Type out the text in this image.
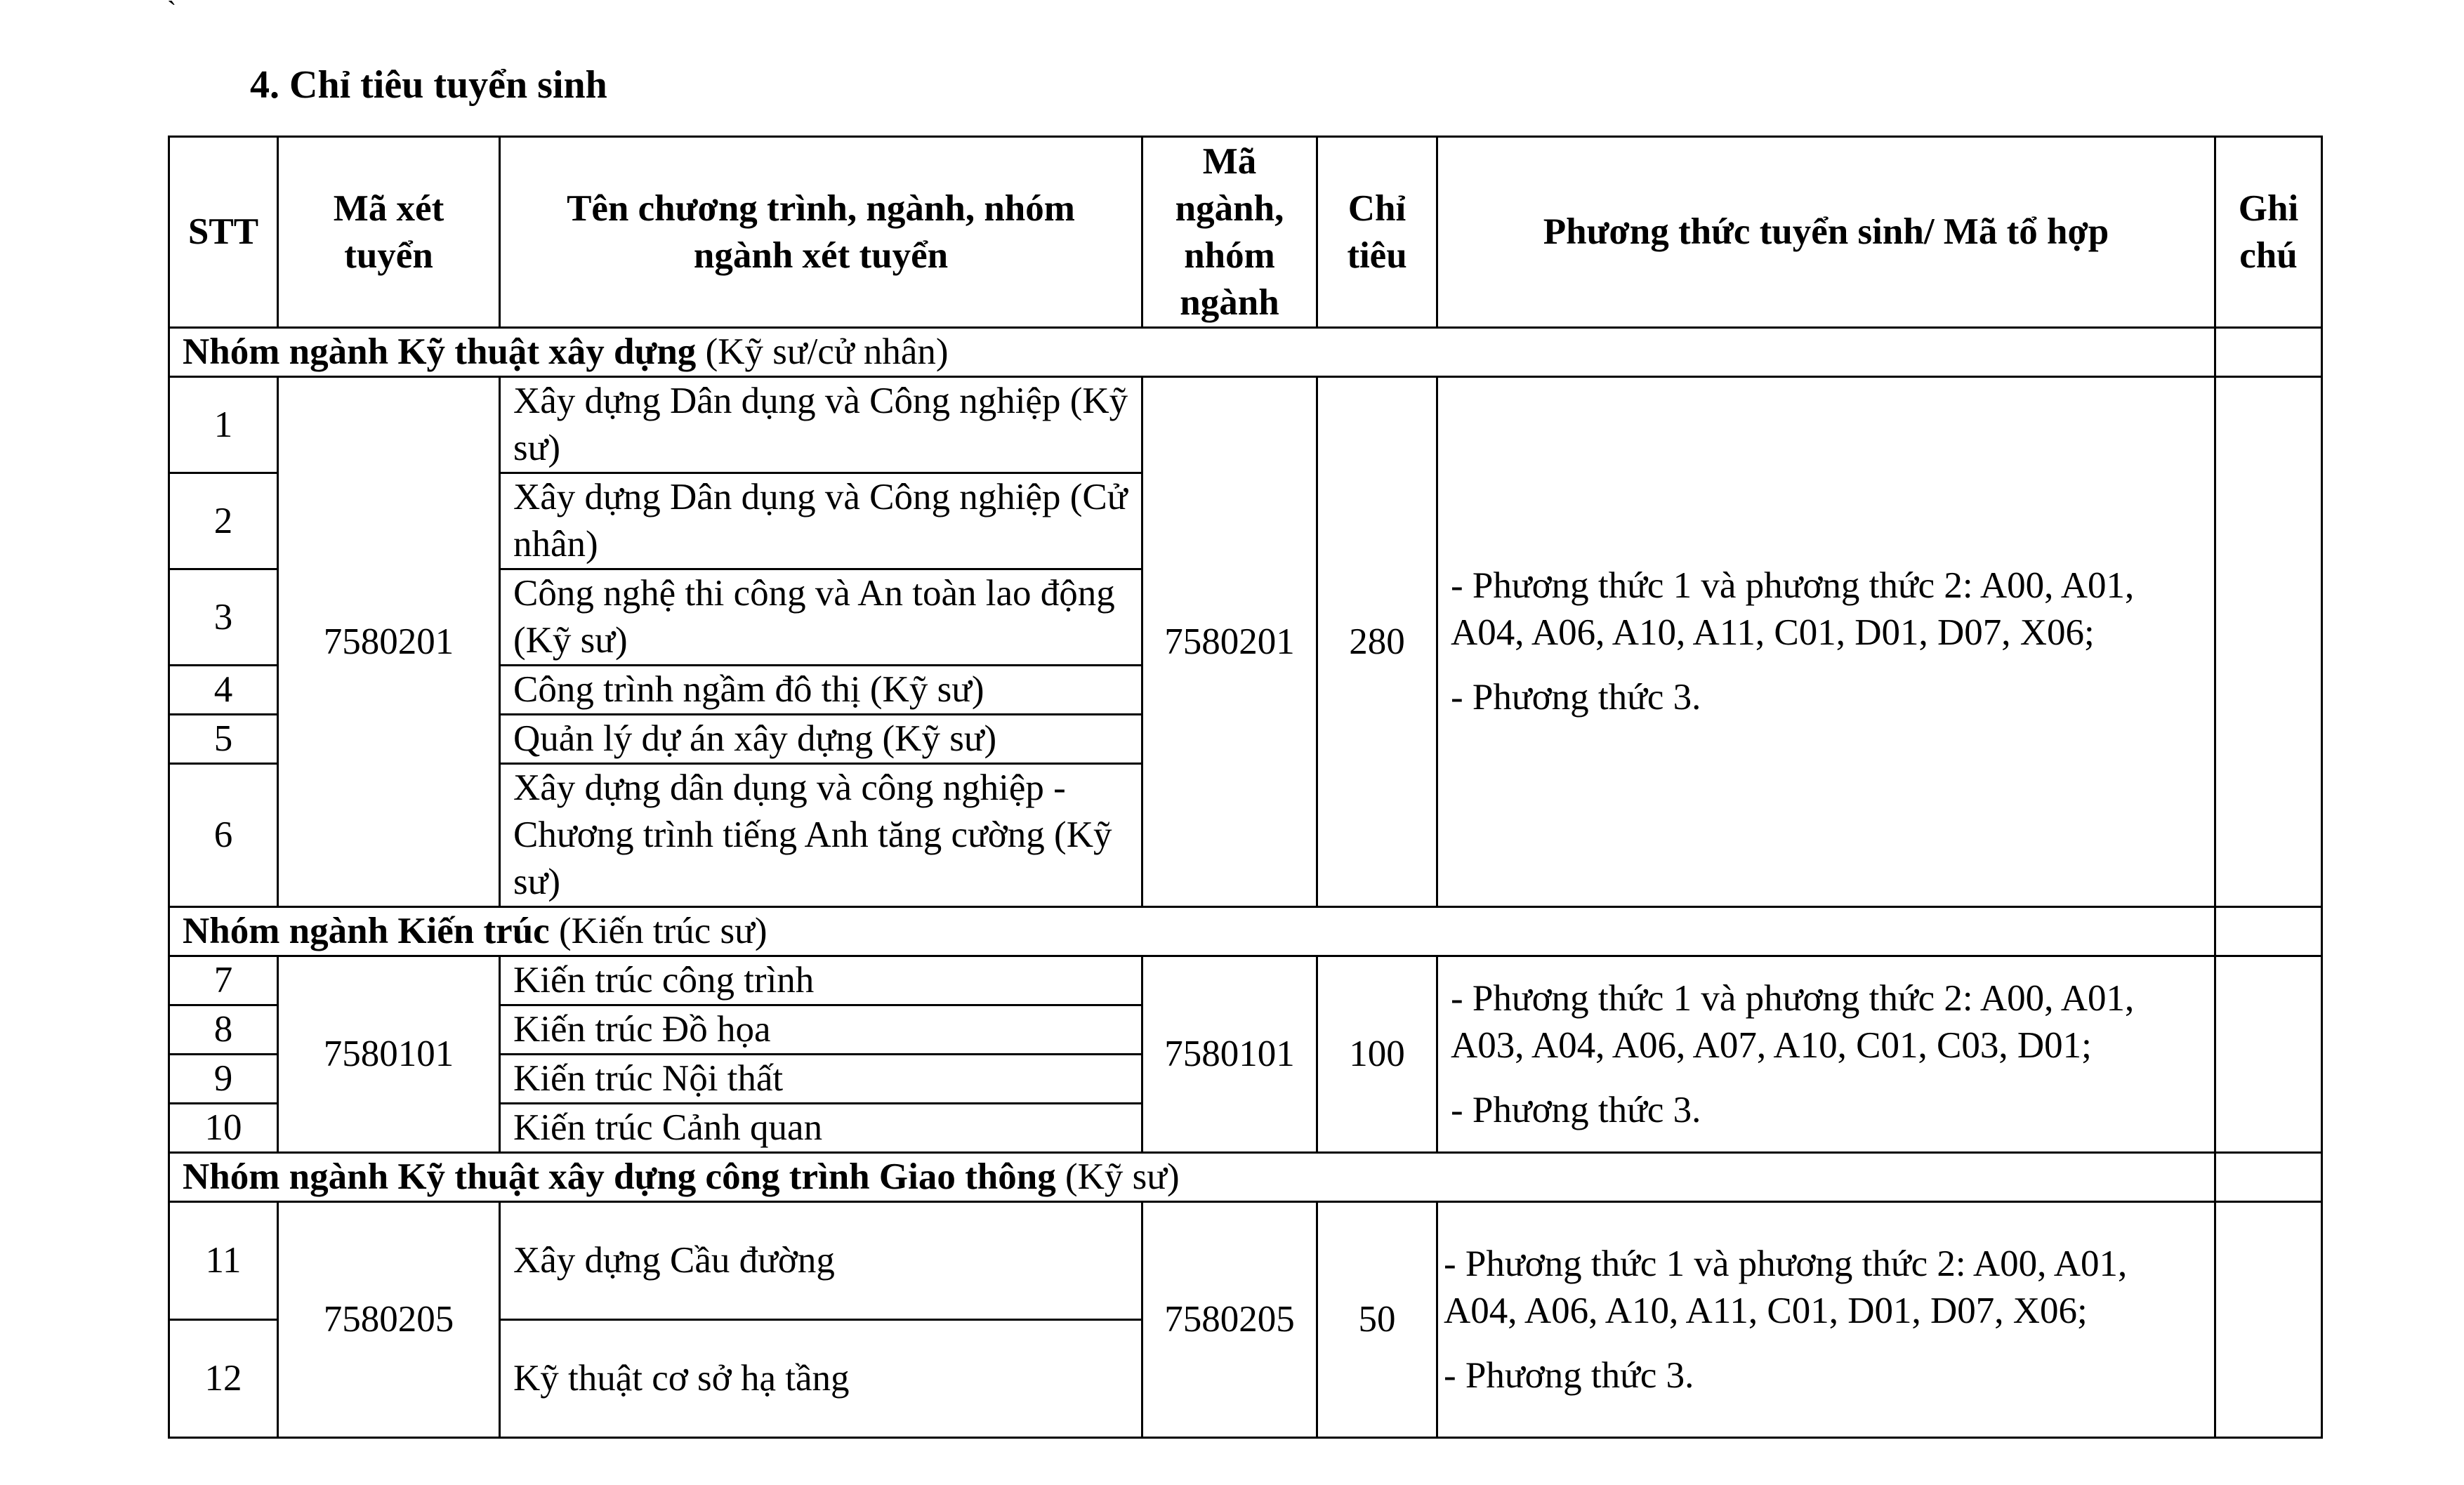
`
4. Chỉ tiêu tuyển sinh
STT	Mã xét tuyển	Tên chương trình, ngành, nhóm ngành xét tuyển	Mã ngành, nhóm ngành	Chỉ tiêu	Phương thức tuyển sinh/ Mã tổ hợp	Ghi chú
Nhóm ngành Kỹ thuật xây dựng (Kỹ sư/cử nhân)						
1	7580201	Xây dựng Dân dụng và Công nghiệp (Kỹ sư)	7580201	280	- Phương thức 1 và phương thức 2: A00, A01, A04, A06, A10, A11, C01, D01, D07, X06;

- Phương thức 3.	

2		Xây dựng Dân dụng và Công nghiệp (Cử nhân)				
3		Công nghệ thi công và An toàn lao động (Kỹ sư)				
4		Công trình ngầm đô thị (Kỹ sư)				
5		Quản lý dự án xây dựng (Kỹ sư)				
6		Xây dựng dân dụng và công nghiệp - Chương trình tiếng Anh tăng cường (Kỹ sư)				
Nhóm ngành Kiến trúc (Kiến trúc sư)						
7	7580101	Kiến trúc công trình	7580101	100	- Phương thức 1 và phương thức 2: A00, A01, A03, A04, A06, A07, A10, C01, C03, D01;

- Phương thức 3.	

8		Kiến trúc Đồ họa				
9		Kiến trúc Nội thất				
10		Kiến trúc Cảnh quan				
Nhóm ngành Kỹ thuật xây dựng công trình Giao thông (Kỹ sư)						
11	7580205	Xây dựng Cầu đường	7580205	50	- Phương thức 1 và phương thức 2: A00, A01, A04, A06, A10, A11, C01, D01, D07, X06;

- Phương thức 3.	

12		Kỹ thuật cơ sở hạ tầng				
